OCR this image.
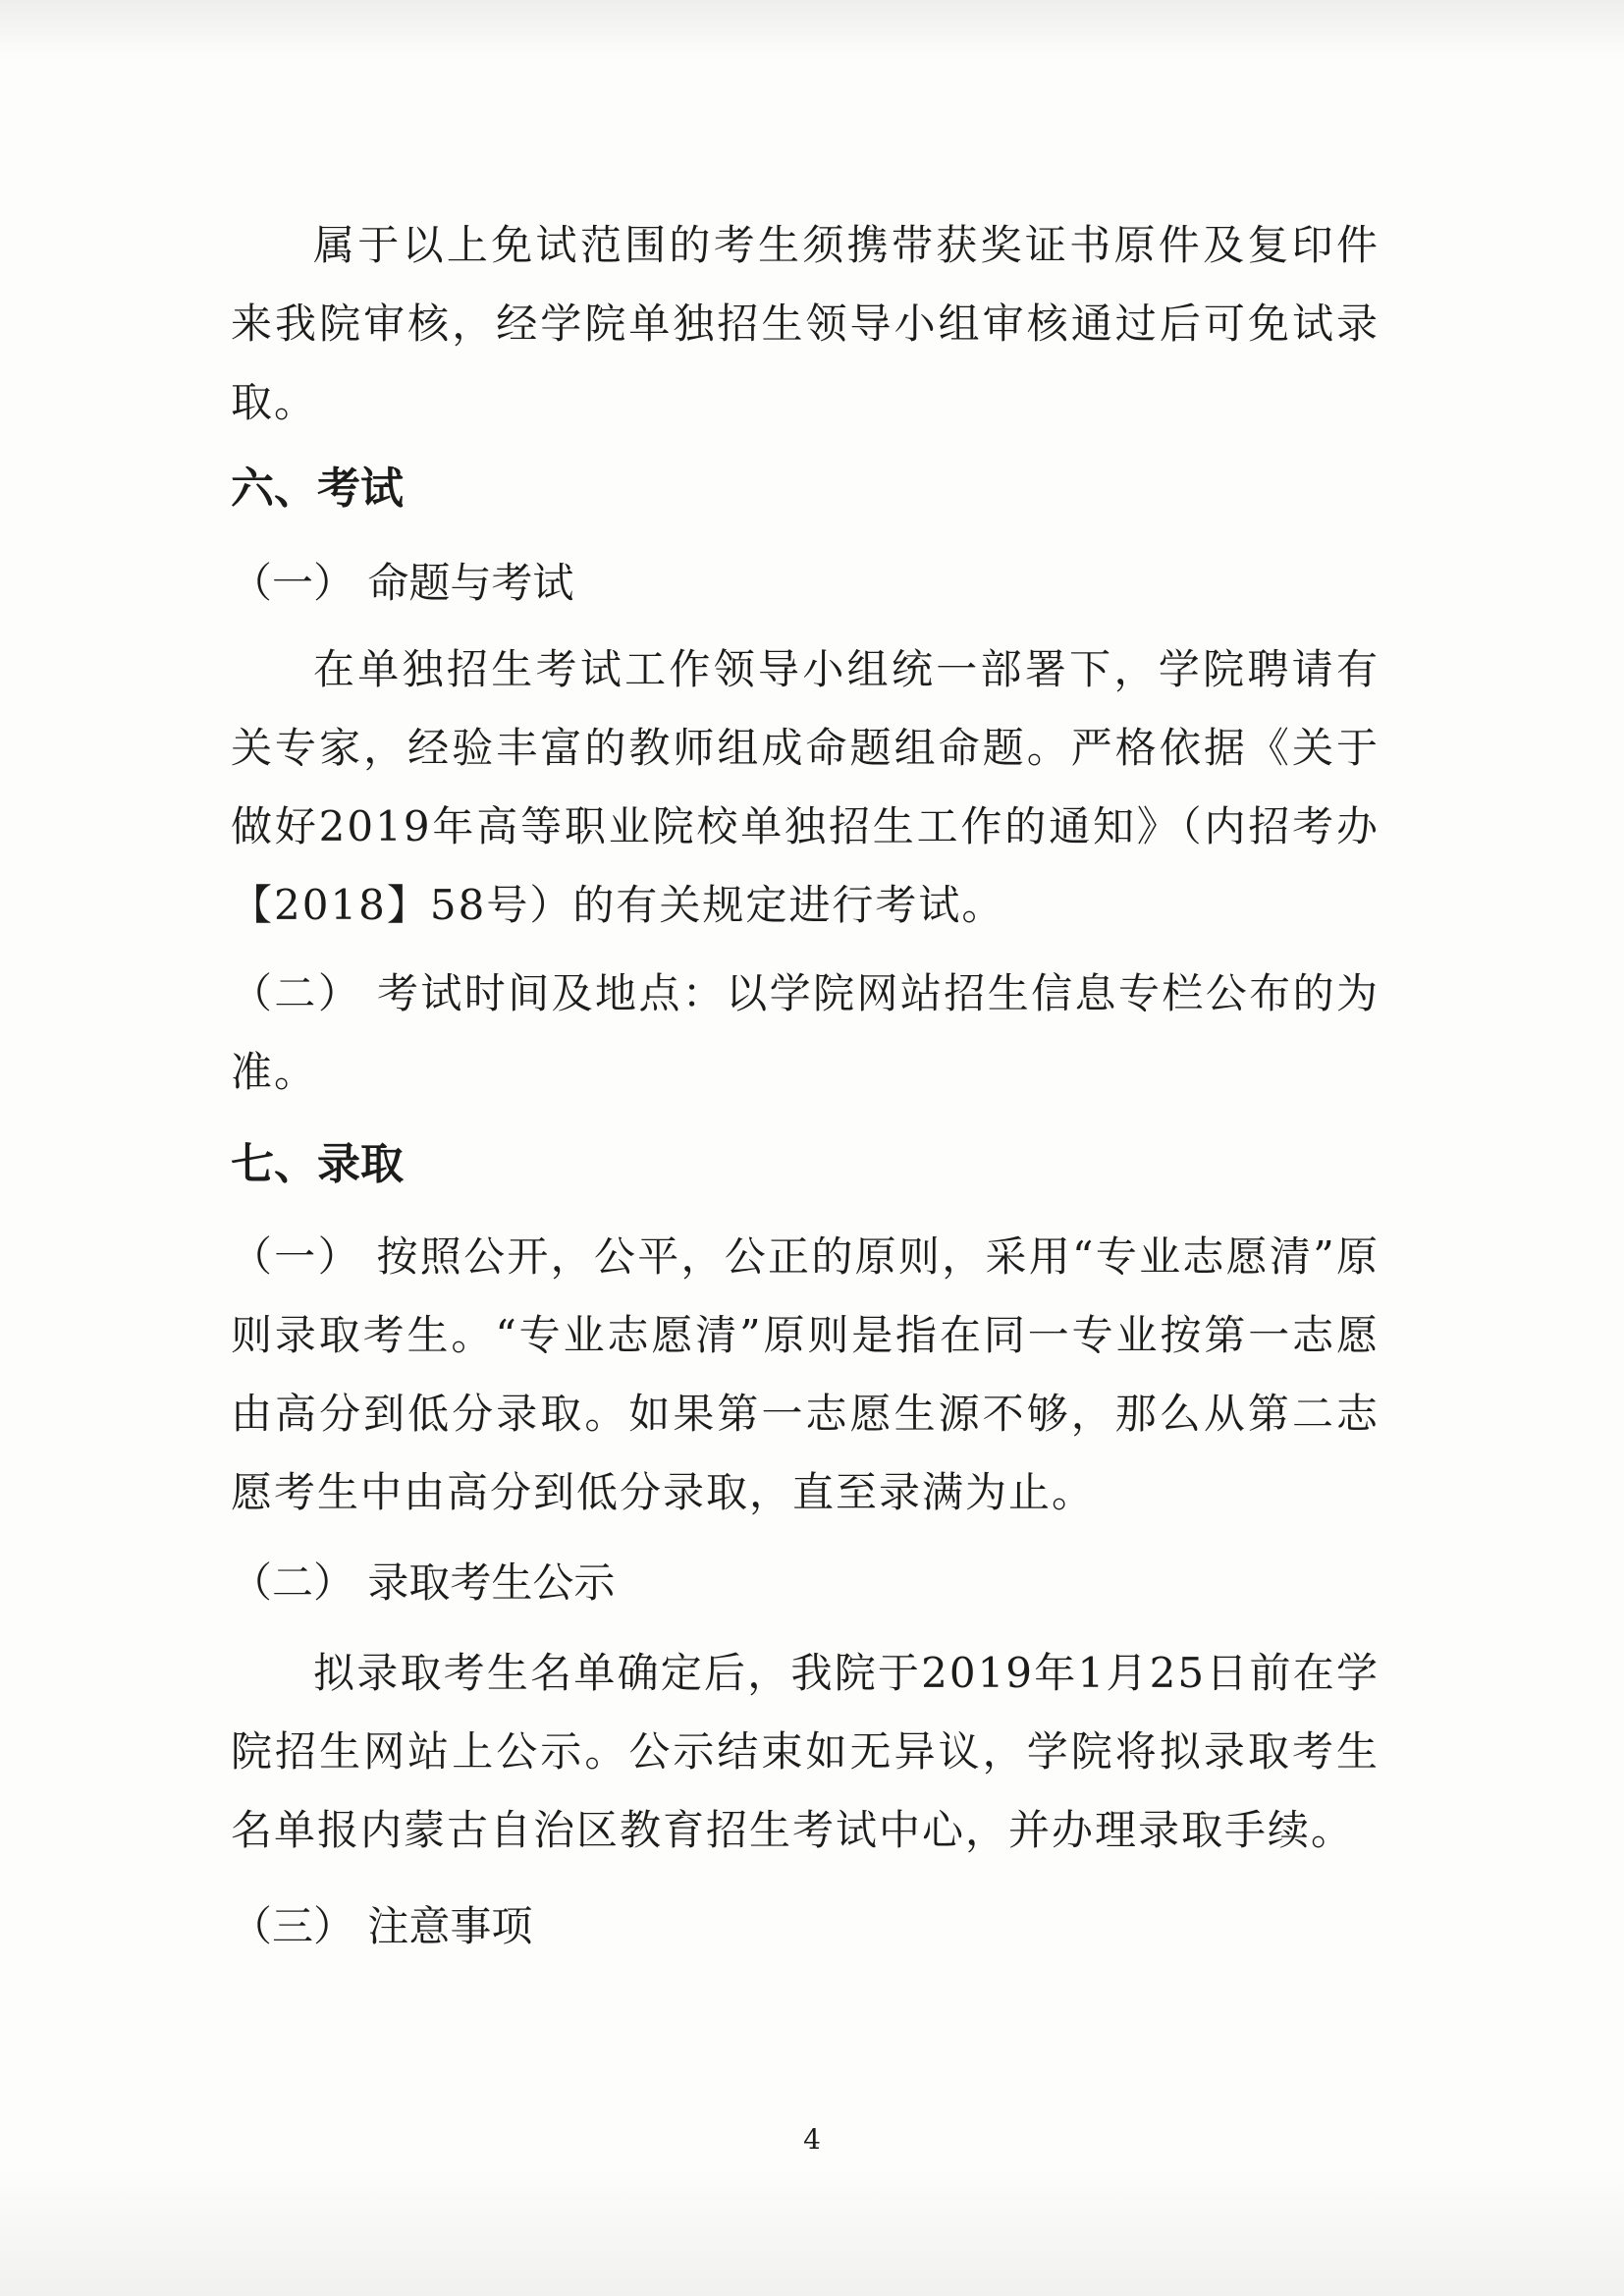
属于以上免试范围的考生须携带获奖证书原件及复印件来我院审核，经学院单独招生领导小组审核通过后可免试录取。

六、考试

（一） 命题与考试

在单独招生考试工作领导小组统一部署下，学院聘请有关专家，经验丰富的教师组成命题组命题。严格依据《关于做好2019年高等职业院校单独招生工作的通知》（内招考办【2018】58号）的有关规定进行考试。

（二） 考试时间及地点：以学院网站招生信息专栏公布的为准。

七、录取

（一） 按照公开，公平，公正的原则，采用“专业志愿清”原则录取考生。“专业志愿清”原则是指在同一专业按第一志愿由高分到低分录取。如果第一志愿生源不够，那么从第二志愿考生中由高分到低分录取，直至录满为止。

（二） 录取考生公示

拟录取考生名单确定后，我院于2019年1月25日前在学院招生网站上公示。公示结束如无异议，学院将拟录取考生名单报内蒙古自治区教育招生考试中心，并办理录取手续。

（三） 注意事项

4
